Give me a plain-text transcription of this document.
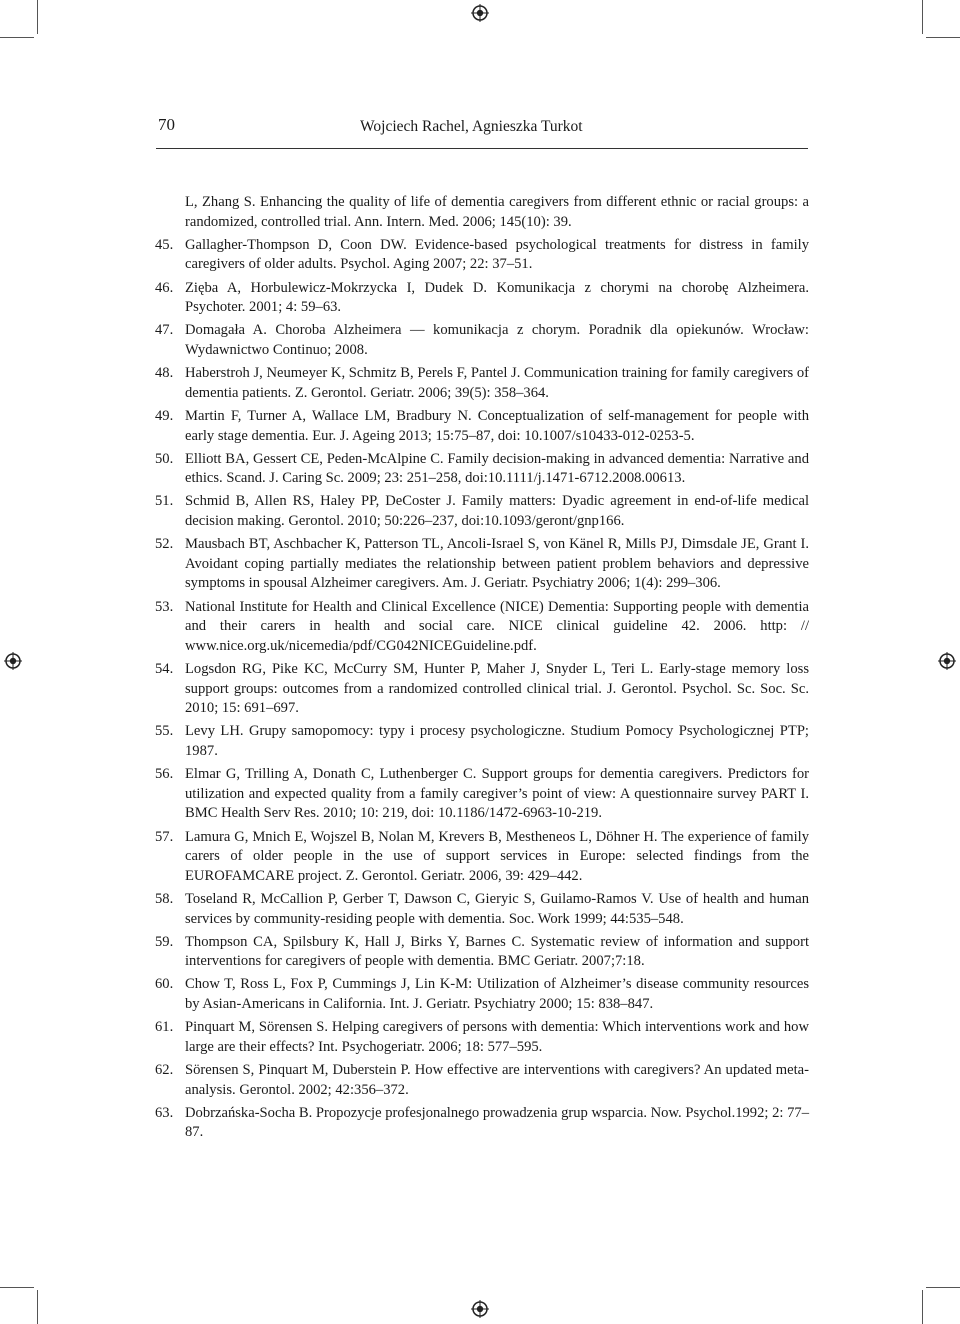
70	Wojciech Rachel, Agnieszka Turkot
L, Zhang S. Enhancing the quality of life of dementia caregivers from different ethnic or racial groups: a randomized, controlled trial. Ann. Intern. Med. 2006; 145(10): 39.
45. Gallagher-Thompson D, Coon DW. Evidence-based psychological treatments for distress in family caregivers of older adults. Psychol. Aging 2007; 22: 37–51.
46. Zięba A, Horbulewicz-Mokrzycka I, Dudek D. Komunikacja z chorymi na chorobę Alzheimera. Psychoter. 2001; 4: 59–63.
47. Domagała A. Choroba Alzheimera — komunikacja z chorym. Poradnik dla opiekunów. Wrocław: Wydawnictwo Continuo; 2008.
48. Haberstroh J, Neumeyer K, Schmitz B, Perels F, Pantel J. Communication training for family caregivers of dementia patients. Z. Gerontol. Geriatr. 2006; 39(5): 358–364.
49. Martin F, Turner A, Wallace LM, Bradbury N. Conceptualization of self-management for people with early stage dementia. Eur. J. Ageing 2013; 15:75–87, doi: 10.1007/s10433-012-0253-5.
50. Elliott BA, Gessert CE, Peden-McAlpine C. Family decision-making in advanced dementia: Narrative and ethics. Scand. J. Caring Sc. 2009; 23: 251–258, doi:10.1111/j.1471-6712.2008.00613.
51. Schmid B, Allen RS, Haley PP, DeCoster J. Family matters: Dyadic agreement in end-of-life medical decision making. Gerontol. 2010; 50:226–237, doi:10.1093/geront/gnp166.
52. Mausbach BT, Aschbacher K, Patterson TL, Ancoli-Israel S, von Känel R, Mills PJ, Dimsdale JE, Grant I. Avoidant coping partially mediates the relationship between patient problem behaviors and depressive symptoms in spousal Alzheimer caregivers. Am. J. Geriatr. Psychiatry 2006; 1(4): 299–306.
53. National Institute for Health and Clinical Excellence (NICE) Dementia: Supporting people with dementia and their carers in health and social care. NICE clinical guideline 42. 2006. http: // www.nice.org.uk/nicemedia/pdf/CG042NICEGuideline.pdf.
54. Logsdon RG, Pike KC, McCurry SM, Hunter P, Maher J, Snyder L, Teri L. Early-stage memory loss support groups: outcomes from a randomized controlled clinical trial. J. Gerontol. Psychol. Sc. Soc. Sc. 2010; 15: 691–697.
55. Levy LH. Grupy samopomocy: typy i procesy psychologiczne. Studium Pomocy Psychologicznej PTP; 1987.
56. Elmar G, Trilling A, Donath C, Luthenberger C. Support groups for dementia caregivers. Predictors for utilization and expected quality from a family caregiver’s point of view: A questionnaire survey PART I. BMC Health Serv Res. 2010; 10: 219, doi: 10.1186/1472-6963-10-219.
57. Lamura G, Mnich E, Wojszel B, Nolan M, Krevers B, Mestheneos L, Döhner H. The experience of family carers of older people in the use of support services in Europe: selected findings from the EUROFAMCARE project. Z. Gerontol. Geriatr. 2006, 39: 429–442.
58. Toseland R, McCallion P, Gerber T, Dawson C, Gieryic S, Guilamo-Ramos V. Use of health and human services by community-residing people with dementia. Soc. Work 1999; 44:535–548.
59. Thompson CA, Spilsbury K, Hall J, Birks Y, Barnes C. Systematic review of information and support interventions for caregivers of people with dementia. BMC Geriatr. 2007;7:18.
60. Chow T, Ross L, Fox P, Cummings J, Lin K-M: Utilization of Alzheimer’s disease community resources by Asian-Americans in California. Int. J. Geriatr. Psychiatry 2000; 15: 838–847.
61. Pinquart M, Sörensen S. Helping caregivers of persons with dementia: Which interventions work and how large are their effects? Int. Psychogeriatr. 2006; 18: 577–595.
62. Sörensen S, Pinquart M, Duberstein P. How effective are interventions with caregivers? An updated meta-analysis. Gerontol. 2002; 42:356–372.
63. Dobrzańska-Socha B. Propozycje profesjonalnego prowadzenia grup wsparcia. Now. Psychol.1992; 2: 77–87.
